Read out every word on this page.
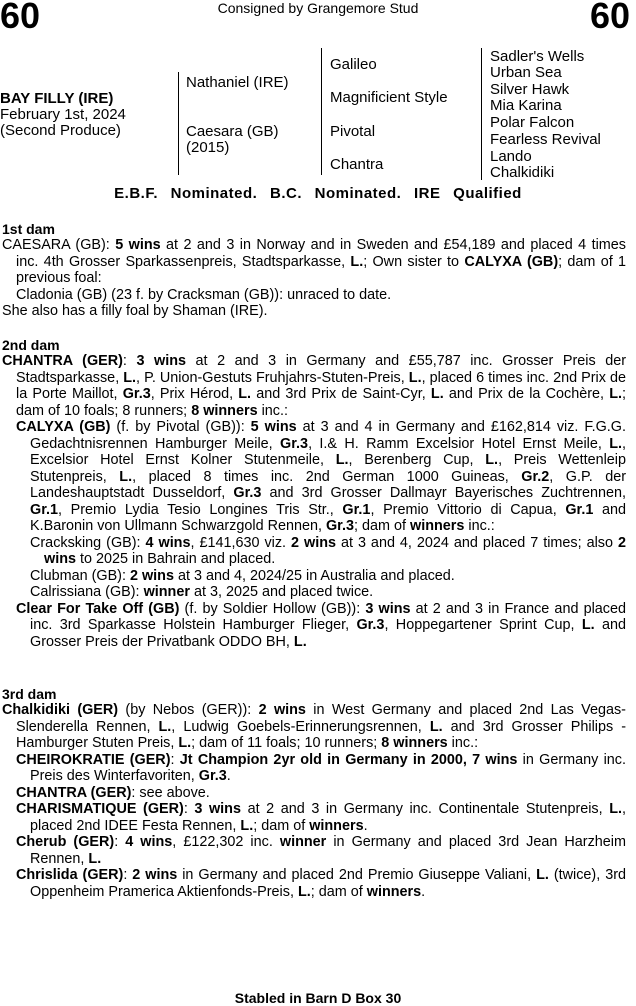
60	Consigned by Grangemore Stud	60
BAY FILLY (IRE)
February 1st, 2024
(Second Produce)
Nathaniel (IRE)
Caesara (GB)
(2015)
Galileo
Magnificient Style
Pivotal
Chantra
Sadler's Wells
Urban Sea
Silver Hawk
Mia Karina
Polar Falcon
Fearless Revival
Lando
Chalkidiki
E.B.F. Nominated. B.C. Nominated. IRE Qualified
1st dam

CAESARA (GB): 5 wins at 2 and 3 in Norway and in Sweden and £54,189 and placed 4 times inc. 4th Grosser Sparkassenpreis, Stadtsparkasse, L.; Own sister to CALYXA (GB); dam of 1 previous foal:

Cladonia (GB) (23 f. by Cracksman (GB)): unraced to date.

She also has a filly foal by Shaman (IRE).

2nd dam

CHANTRA (GER): 3 wins at 2 and 3 in Germany and £55,787 inc. Grosser Preis der Stadtsparkasse, L., P. Union-Gestuts Fruhjahrs-Stuten-Preis, L., placed 6 times inc. 2nd Prix de la Porte Maillot, Gr.3, Prix Hérod, L. and 3rd Prix de Saint-Cyr, L. and Prix de la Cochère, L.; dam of 10 foals; 8 runners; 8 winners inc.:

CALYXA (GB) (f. by Pivotal (GB)): 5 wins at 3 and 4 in Germany and £162,814 viz. F.G.G. Gedachtnisrennen Hamburger Meile, Gr.3, I.& H. Ramm Excelsior Hotel Ernst Meile, L., Excelsior Hotel Ernst Kolner Stutenmeile, L., Berenberg Cup, L., Preis Wettenleip Stutenpreis, L., placed 8 times inc. 2nd German 1000 Guineas, Gr.2, G.P. der Landeshauptstadt Dusseldorf, Gr.3 and 3rd Grosser Dallmayr Bayerisches Zuchtrennen, Gr.1, Premio Lydia Tesio Longines Tris Str., Gr.1, Premio Vittorio di Capua, Gr.1 and K.Baronin von Ullmann Schwarzgold Rennen, Gr.3; dam of winners inc.:

Cracksking (GB): 4 wins, £141,630 viz. 2 wins at 3 and 4, 2024 and placed 7 times; also 2 wins to 2025 in Bahrain and placed.

Clubman (GB): 2 wins at 3 and 4, 2024/25 in Australia and placed.

Calrissiana (GB): winner at 3, 2025 and placed twice.

Clear For Take Off (GB) (f. by Soldier Hollow (GB)): 3 wins at 2 and 3 in France and placed inc. 3rd Sparkasse Holstein Hamburger Flieger, Gr.3, Hoppegartener Sprint Cup, L. and Grosser Preis der Privatbank ODDO BH, L.

3rd dam

Chalkidiki (GER) (by Nebos (GER)): 2 wins in West Germany and placed 2nd Las Vegas-Slenderella Rennen, L., Ludwig Goebels-Erinnerungsrennen, L. and 3rd Grosser Philips - Hamburger Stuten Preis, L.; dam of 11 foals; 10 runners; 8 winners inc.:

CHEIROKRATIE (GER): Jt Champion 2yr old in Germany in 2000, 7 wins in Germany inc. Preis des Winterfavoriten, Gr.3.

CHANTRA (GER): see above.

CHARISMATIQUE (GER): 3 wins at 2 and 3 in Germany inc. Continentale Stutenpreis, L., placed 2nd IDEE Festa Rennen, L.; dam of winners.

Cherub (GER): 4 wins, £122,302 inc. winner in Germany and placed 3rd Jean Harzheim Rennen, L.

Chrislida (GER): 2 wins in Germany and placed 2nd Premio Giuseppe Valiani, L. (twice), 3rd Oppenheim Pramerica Aktienfonds-Preis, L.; dam of winners.

Stabled in Barn D Box 30
